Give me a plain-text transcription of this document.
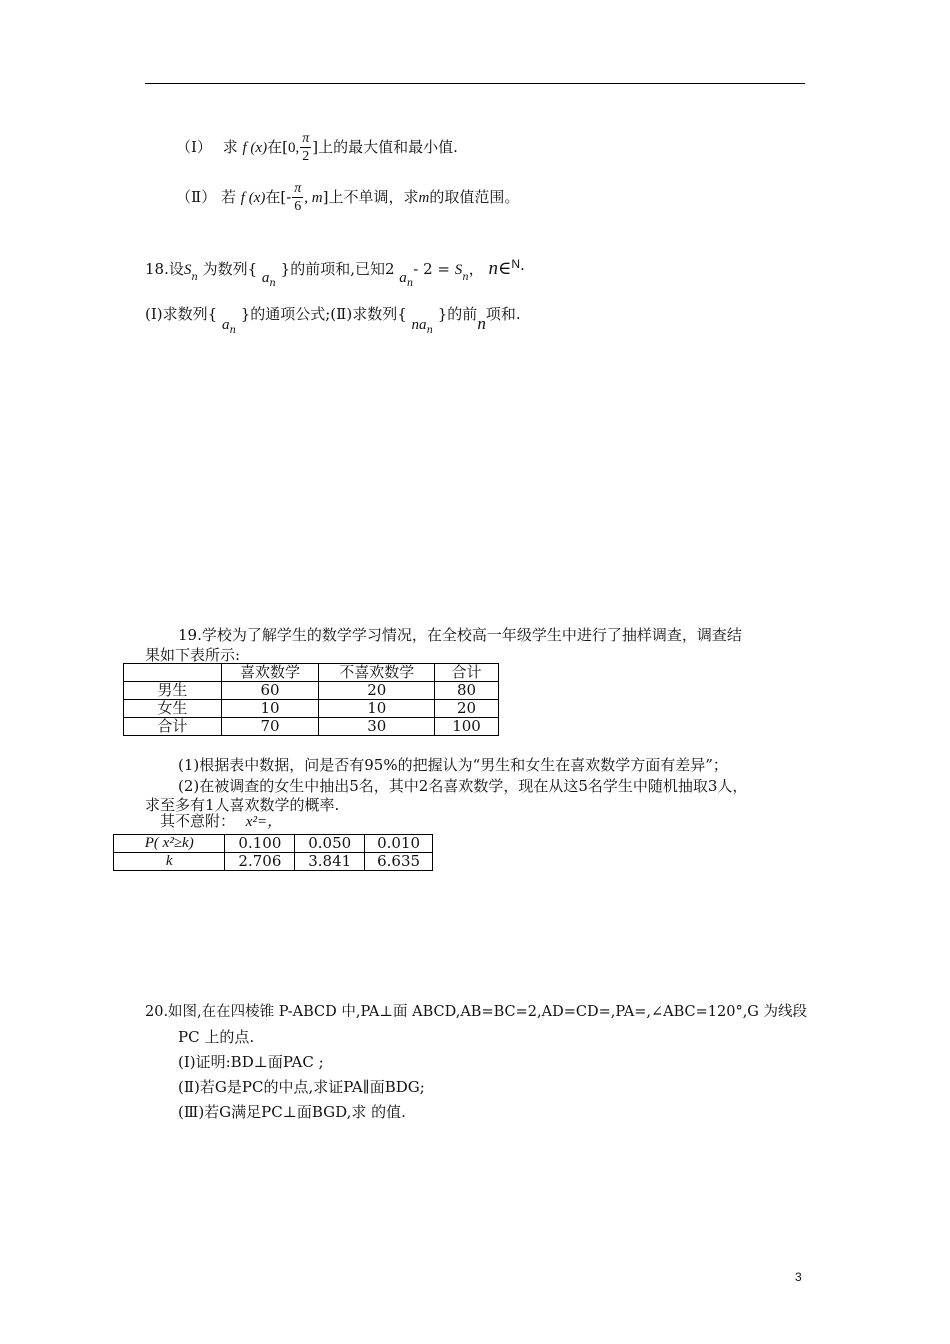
（Ⅰ） 求 f (x)在[0, $\frac{\pi}{2}$ ]上的最大值和最小值.
（Ⅱ） 若 f (x)在[- $\frac{\pi}{6}$ , m]上不单调，求m的取值范围。
18.设$S_n$ 为数列{ $a_n$ }的前项和,已知2 $a_n-$ $2 = S_n$， n∈$^N$·
(Ⅰ)求数列{ $a_n$ }的通项公式;(Ⅱ)求数列{ $na_n$ }的前n项和.
19.学校为了解学生的数学学习情况，在全校高一年级学生中进行了抽样调查，调查结
果如下表所示:
	喜欢数学	不喜欢数学	合计
男生	60	20	80
女生	10	10	20
合计	70	30	100
(1)根据表中数据，问是否有95%的把握认为“男生和女生在喜欢数学方面有差异”；
(2)在被调查的女生中抽出5名，其中2名喜欢数学，现在从这5名学生中随机抽取3人，
求至多有1人喜欢数学的概率.
其不意附： x²=，
P( x²≥k)	0.100	0.050	0.010
k	2.706	3.841	6.635
20.如图,在在四棱锥 P-ABCD 中,PA⊥面 ABCD,AB=BC=2,AD=CD=,PA=,∠ABC=120°,G 为线段
PC 上的点.
(Ⅰ)证明:BD⊥面PAC ;
(Ⅱ)若G是PC的中点,求证PA∥面BDG;
(Ⅲ)若G满足PC⊥面BGD,求 的值.
3
